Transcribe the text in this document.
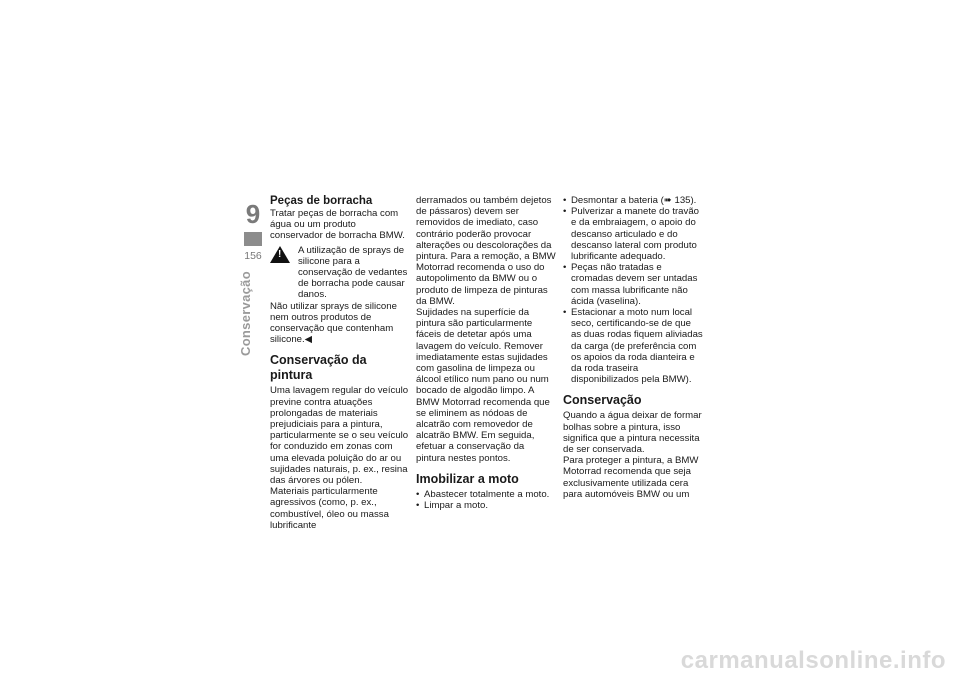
9
156
Conservação
Peças de borracha

Tratar peças de borracha com água ou um produto conservador de borracha BMW.

!

A utilização de sprays de silicone para a conservação de vedantes de borracha pode causar danos.

Não utilizar sprays de silicone nem outros produtos de conservação que contenham silicone.◀

Conservação da pintura

Uma lavagem regular do veículo previne contra atuações prolongadas de materiais prejudiciais para a pintura, particularmente se o seu veículo for conduzido em zonas com uma elevada poluição do ar ou sujidades naturais, p. ex., resina das árvores ou pólen.

Materiais particularmente agressivos (como, p. ex., combustível, óleo ou massa lubrificante

derramados ou também dejetos de pássaros) devem ser removidos de imediato, caso contrário poderão provocar alterações ou descolorações da pintura. Para a remoção, a BMW Motorrad recomenda o uso do autopolimento da BMW ou o produto de limpeza de pinturas da BMW.

Sujidades na superfície da pintura são particularmente fáceis de detetar após uma lavagem do veículo. Remover imediatamente estas sujidades com gasolina de limpeza ou álcool etílico num pano ou num bocado de algodão limpo. A BMW Motorrad recomenda que se eliminem as nódoas de alcatrão com removedor de alcatrão BMW. Em seguida, efetuar a conservação da pintura nestes pontos.

Imobilizar a moto
• Abastecer totalmente a moto.
• Limpar a moto.
• Desmontar a bateria (➠ 135).
• Pulverizar a manete do travão e da embraiagem, o apoio do descanso articulado e do descanso lateral com produto lubrificante adequado.
• Peças não tratadas e cromadas devem ser untadas com massa lubrificante não ácida (vaselina).
• Estacionar a moto num local seco, certificando-se de que as duas rodas fiquem aliviadas da carga (de preferência com os apoios da roda dianteira e da roda traseira disponibilizados pela BMW).
Conservação

Quando a água deixar de formar bolhas sobre a pintura, isso significa que a pintura necessita de ser conservada.

Para proteger a pintura, a BMW Motorrad recomenda que seja exclusivamente utilizada cera para automóveis BMW ou um

carmanualsonline.info
